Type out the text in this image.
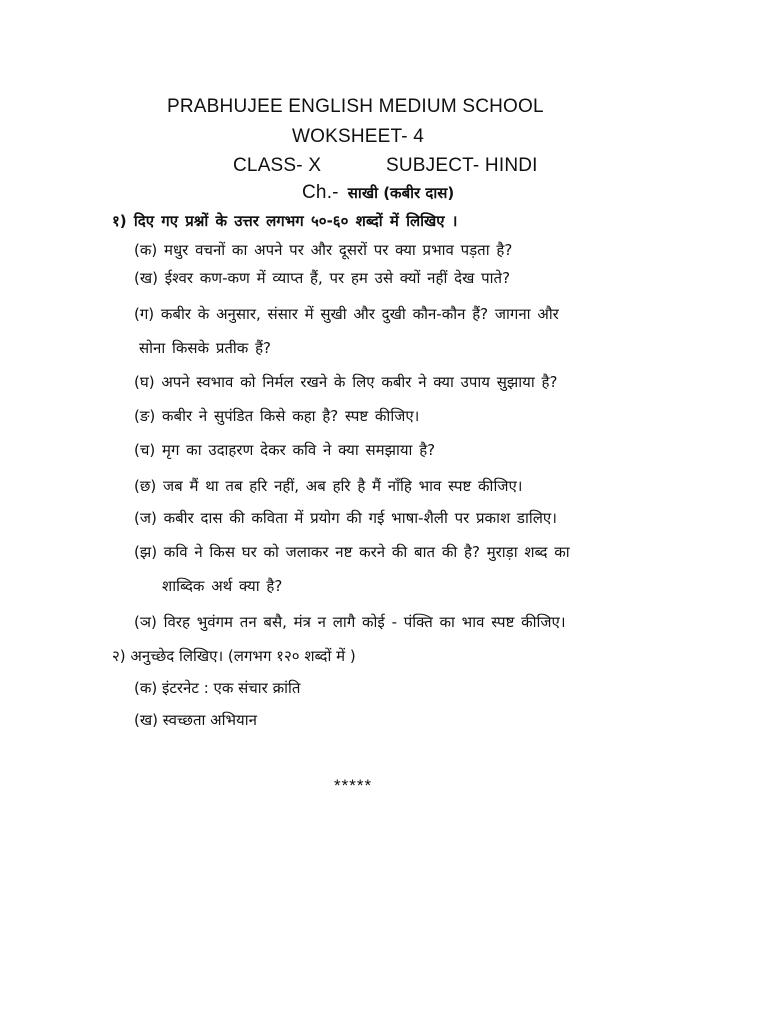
PRABHUJEE ENGLISH MEDIUM SCHOOL
WOKSHEET- 4
CLASS- X	SUBJECT- HINDI
Ch.- साखी (कबीर दास)
१) दिए गए प्रश्नों के उत्तर लगभग ५०-६० शब्दों में लिखिए ।
(क) मधुर वचनों का अपने पर और दूसरों पर क्या प्रभाव पड़ता है?
(ख) ईश्वर कण-कण में व्याप्त हैं, पर हम उसे क्यों नहीं देख पाते?
(ग) कबीर के अनुसार, संसार में सुखी और दुखी कौन-कौन हैं? जागना और
सोना किसके प्रतीक हैं?
(घ) अपने स्वभाव को निर्मल रखने के लिए कबीर ने क्या उपाय सुझाया है?
(ङ) कबीर ने सुपंडित किसे कहा है? स्पष्ट कीजिए।
(च) मृग का उदाहरण देकर कवि ने क्या समझाया है?
(छ) जब मैं था तब हरि नहीं, अब हरि है मैं नाँहि भाव स्पष्ट कीजिए।
(ज) कबीर दास की कविता में प्रयोग की गई भाषा-शैली पर प्रकाश डालिए।
(झ) कवि ने किस घर को जलाकर नष्ट करने की बात की है? मुराड़ा शब्द का
शाब्दिक अर्थ क्या है?
(ञ) विरह भुवंगम तन बसै, मंत्र न लागै कोई - पंक्ति का भाव स्पष्ट कीजिए।
२) अनुच्छेद लिखिए। (लगभग १२० शब्दों में )
(क) इंटरनेट : एक संचार क्रांति
(ख) स्वच्छता अभियान
*****
